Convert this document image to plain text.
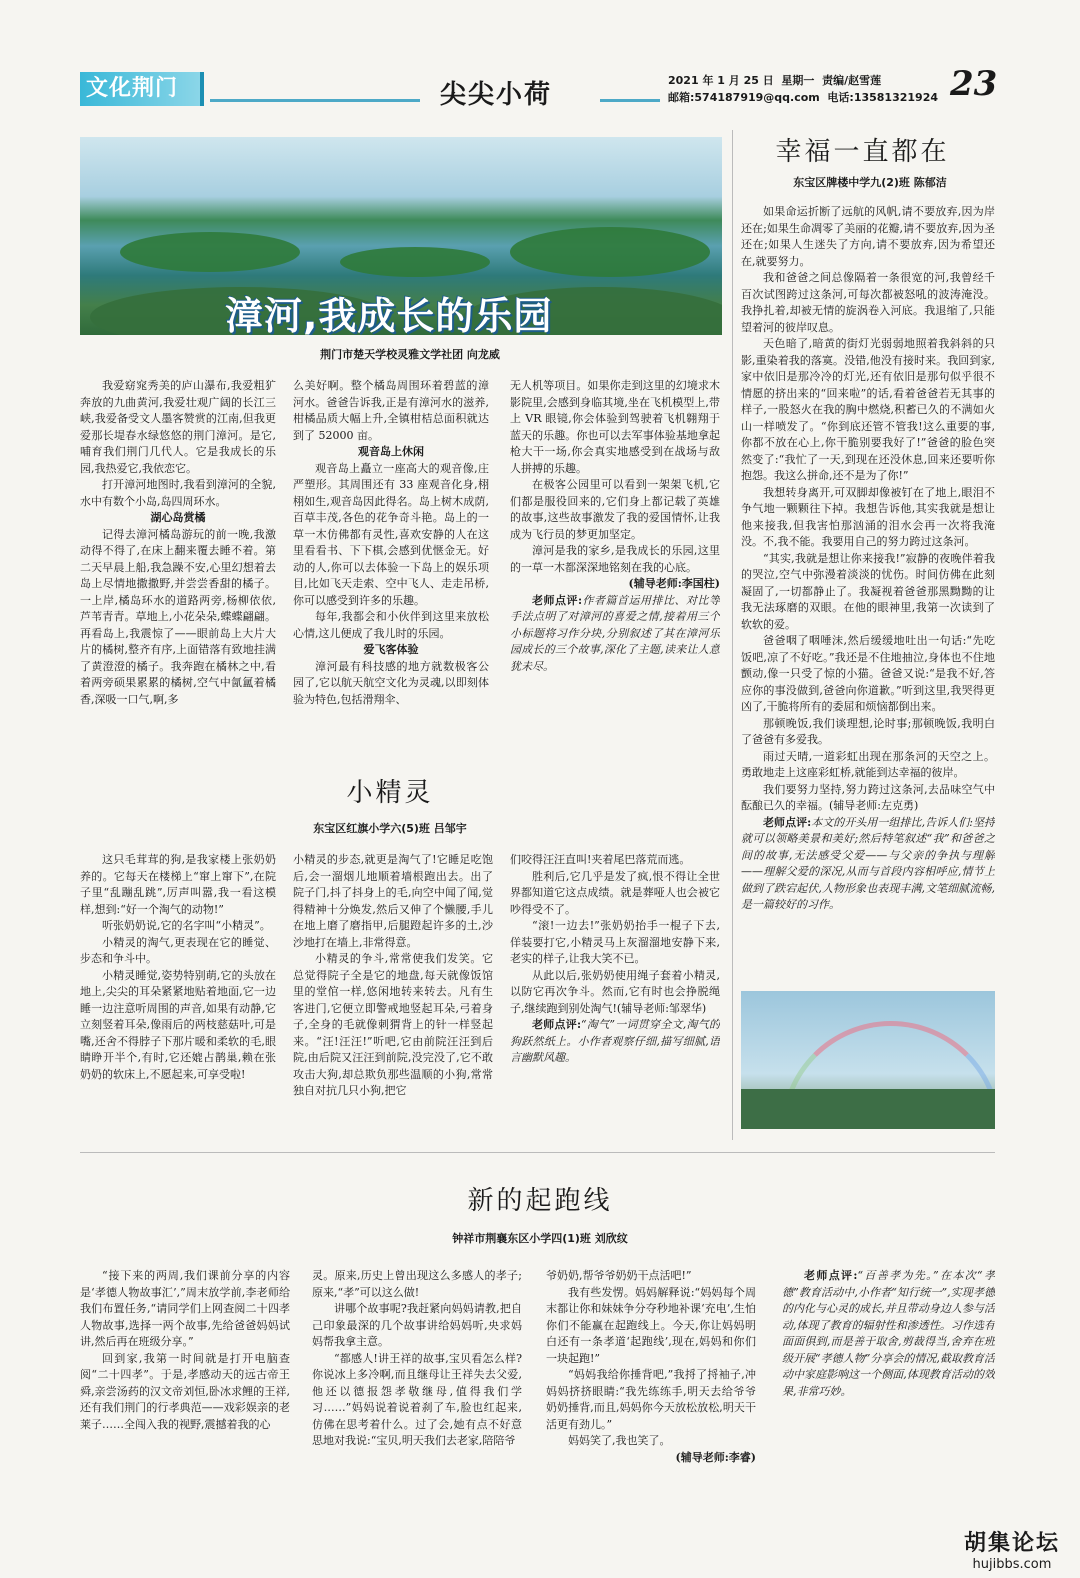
文化荆门	尖尖小荷	2021 年 1 月 25 日 星期一 责编/赵雪莲
邮箱:574187919@qq.com 电话:13581321924 23
漳河,我成长的乐园
荆门市楚天学校灵雅文学社团 向龙威

我爱窈窕秀美的庐山瀑布,我爱粗犷奔放的九曲黄河,我爱壮观广阔的长江三峡,我爱备受文人墨客赞赏的江南,但我更爱那长堤春水绿悠悠的荆门漳河。是它,哺育我们荆门几代人。它是我成长的乐园,我热爱它,我依恋它。

打开漳河地图时,我看到漳河的全貌,水中有数个小岛,岛四周环水。

湖心岛赏橘

记得去漳河橘岛游玩的前一晚,我激动得不得了,在床上翻来覆去睡不着。第二天早晨上船,我急躁不安,心里幻想着去岛上尽情地撒撒野,并尝尝香甜的橘子。一上岸,橘岛环水的道路两旁,杨柳依依,芦苇青青。草地上,小花朵朵,蝶蝶翩翩。再看岛上,我震惊了——眼前岛上大片大片的橘树,整齐有序,上面错落有致地挂满了黄澄澄的橘子。我奔跑在橘林之中,看着两旁硕果累累的橘树,空气中氤氲着橘香,深吸一口气,啊,多

么美好啊。整个橘岛周围环着碧蓝的漳河水。爸爸告诉我,正是有漳河水的滋养,柑橘品质大幅上升,全镇柑桔总面积就达到了 52000 亩。

观音岛上休闲

观音岛上矗立一座高大的观音像,庄严塑形。其周围还有 33 座观音化身,栩栩如生,观音岛因此得名。岛上树木成荫,百草丰茂,各色的花争奇斗艳。岛上的一草一木仿佛都有灵性,喜欢安静的人在这里看看书、下下棋,会感到优惬金无。好动的人,你可以去体验一下岛上的娱乐项目,比如飞天走索、空中飞人、走走吊桥,你可以感受到许多的乐趣。

每年,我都会和小伙伴到这里来放松心情,这儿便成了我儿时的乐园。

爱飞客体验

漳河最有科技感的地方就数极客公园了,它以航天航空文化为灵魂,以即刻体验为特色,包括滑翔伞、

无人机等项目。如果你走到这里的幻境求木影院里,会感到身临其境,坐在飞机模型上,带上 VR 眼镜,你会体验到驾驶着飞机翱翔于蓝天的乐趣。你也可以去军事体验基地拿起枪大干一场,你会真实地感受到在战场与敌人拼搏的乐趣。

在极客公园里可以看到一架架飞机,它们都是服役回来的,它们身上都记载了英雄的故事,这些故事激发了我的爱国情怀,让我成为飞行员的梦更加坚定。

漳河是我的家乡,是我成长的乐园,这里的一草一木都深深地铭刻在我的心底。

(辅导老师:李国柱)

老师点评:作者篇首运用排比、对比等手法点明了对漳河的喜爱之情,接着用三个小标题将习作分块,分别叙述了其在漳河乐园成长的三个故事,深化了主题,读来让人意犹未尽。

小精灵
东宝区红旗小学六(5)班 吕邹宇

这只毛茸茸的狗,是我家楼上张奶奶养的。它每天在楼梯上“窜上窜下”,在院子里“乱蹦乱跳”,厉声叫嚣,我一看这模样,想到:“好一个淘气的动物!”

听张奶奶说,它的名字叫“小精灵”。

小精灵的淘气,更表现在它的睡觉、步态和争斗中。

小精灵睡觉,姿势特别萌,它的头放在地上,尖尖的耳朵紧紧地贴着地面,它一边睡一边注意听周围的声音,如果有动静,它立刻竖着耳朵,像雨后的两枝慈菇叶,可是嘴,还舍不得脖子下那片暖和柔软的毛,眼睛睁开半个,有时,它还媲占鹊巢,赖在张奶奶的软床上,不愿起来,可享受啦!

小精灵的步态,就更是淘气了!它睡足吃饱后,会一溜烟儿地顺着墙根跑出去。出了院子门,抖了抖身上的毛,向空中闻了闻,觉得精神十分焕发,然后又伸了个懒腰,手儿在地上磨了磨指甲,后腿蹬起许多的土,沙沙地打在墙上,非常得意。

小精灵的争斗,常常使我们发笑。它总觉得院子全是它的地盘,每天就像饭馆里的堂倌一样,悠闲地转来转去。凡有生客进门,它便立即警戒地竖起耳朵,弓着身子,全身的毛就像刺猬背上的针一样竖起来。“汪!汪汪!”听吧,它由前院汪汪到后院,由后院又汪汪到前院,没完没了,它不敢攻击大狗,却总欺负那些温顺的小狗,常常独自对抗几只小狗,把它

们咬得汪汪直叫!夹着尾巴落荒而逃。

胜利后,它几乎是发了疯,恨不得让全世界都知道它这点成绩。就是葬哑人也会被它吵得受不了。

“滚!一边去!”张奶奶抬手一棍子下去,佯装要打它,小精灵马上灰溜溜地安静下来,老实的样子,让我大笑不已。

从此以后,张奶奶使用绳子套着小精灵,以防它再次争斗。然而,它有时也会挣脱绳子,继续跑到别处淘气!(辅导老师:邹翠华)

老师点评:“淘气”一词贯穿全文,淘气的狗跃然纸上。小作者观察仔细,描写细腻,语言幽默风趣。

幸福一直都在
东宝区牌楼中学九(2)班 陈郁洁

如果命运折断了远航的风帆,请不要放弃,因为岸还在;如果生命凋零了美丽的花瓣,请不要放弃,因为圣还在;如果人生迷失了方向,请不要放弃,因为希望还在,就要努力。

我和爸爸之间总像隔着一条很宽的河,我曾经千百次试图跨过这条河,可每次都被怒吼的波涛淹没。我挣扎着,却被无情的旋涡卷入河底。我退缩了,只能望着河的彼岸叹息。

天色暗了,暗黄的街灯光弱弱地照着我斜斜的只影,重染着我的落寞。没错,他没有接时来。我回到家,家中依旧是那冷冷的灯光,还有依旧是那句似乎很不情愿的挤出来的“回来啦”的话,看着爸爸若无其事的样子,一股怒火在我的胸中燃烧,积蓄已久的不满如火山一样喷发了。“你到底还管不管我!这么重要的事,你都不放在心上,你干脆别要我好了!”爸爸的脸色突然变了:“我忙了一天,到现在还没休息,回来还要听你抱怨。我这么拼命,还不是为了你!”

我想转身离开,可双脚却像被钉在了地上,眼泪不争气地一颗颗往下掉。我想告诉他,其实我就是想让他来接我,但我害怕那汹涌的泪水会再一次将我淹没。不,我不能。我要用自己的努力跨过这条河。

“其实,我就是想让你来接我!”寂静的夜晚伴着我的哭泣,空气中弥漫着淡淡的忧伤。时间仿佛在此刻凝固了,一切都静止了。我凝视着爸爸那黑黝黝的让我无法琢磨的双眼。在他的眼神里,我第一次读到了软软的爱。

爸爸咽了咽唾沫,然后缓缓地吐出一句话:“先吃饭吧,凉了不好吃。”我还是不住地抽泣,身体也不住地颤动,像一只受了惊的小猫。爸爸又说:“是我不好,答应你的事没做到,爸爸向你道歉。”听到这里,我哭得更凶了,干脆将所有的委屈和烦恼都倒出来。

那顿晚饭,我们谈理想,论时事;那顿晚饭,我明白了爸爸有多爱我。

雨过天晴,一道彩虹出现在那条河的天空之上。勇敢地走上这座彩虹桥,就能到达幸福的彼岸。

我们要努力坚持,努力跨过这条河,去品味空气中酝酿已久的幸福。(辅导老师:左克勇)

老师点评:本文的开头用一组排比,告诉人们:坚持就可以领略美景和美好;然后特笔叙述“我”和爸爸之间的故事,无法感受父爱——与父亲的争执与理解——理解父爱的深况,从而与首段内容相呼应,情节上做到了跌宕起伏,人物形象也表现丰满,文笔细腻流畅,是一篇较好的习作。

新的起跑线
钟祥市荆襄东区小学四(1)班 刘欣纹

“接下来的两周,我们课前分享的内容是‘孝德人物故事汇’,”周末放学前,李老师给我们布置任务,“请同学们上网查阅二十四孝人物故事,选择一两个故事,先给爸爸妈妈试讲,然后再在班级分享。”

回到家,我第一时间就是打开电脑查阅“二十四孝”。于是,孝感动天的远古帝王舜,亲尝汤药的汉文帝刘恒,卧冰求鲤的王祥,还有我们荆门的行孝典范——戏彩娱亲的老莱子……全闯入我的视野,震撼着我的心

灵。原来,历史上曾出现这么多感人的孝子;原来,“孝”可以这么做!

讲哪个故事呢?我赶紧向妈妈请教,把自己印象最深的几个故事讲给妈妈听,央求妈妈帮我拿主意。

“都感人!讲王祥的故事,宝贝看怎么样?你说冰上多冷啊,而且继母让王祥失去父爱,他还以德报怨孝敬继母,值得我们学习……”妈妈说着说着刹了车,脸也红起来,仿佛在思考着什么。过了会,她有点不好意思地对我说:“宝贝,明天我们去老家,陪陪爷

爷奶奶,帮爷爷奶奶干点活吧!”

我有些发愣。妈妈解释说:“妈妈每个周末都让你和妹妹争分夺秒地补课‘充电’,生怕你们不能赢在起跑线上。今天,你让妈妈明白还有一条孝道‘起跑线’,现在,妈妈和你们一块起跑!”

“妈妈我给你捶背吧,”我捋了捋袖子,冲妈妈挤挤眼睛:“我先练练手,明天去给爷爷奶奶捶背,而且,妈妈你今天放松放松,明天干活更有劲儿。”

妈妈笑了,我也笑了。

(辅导老师:李睿)

老师点评:“百善孝为先。”在本次“孝德”教育活动中,小作者“知行统一”,实现孝德的内化与心灵的成长,并且带动身边人参与活动,体现了教育的辐射性和渗透性。习作选有面面俱到,而是善于取舍,剪裁得当,舍弃在班级开展“孝德人物”分享会的情况,截取教育活动中家庭影响这一个侧面,体现教育活动的效果,非常巧妙。

胡集论坛
hujibbs.com
